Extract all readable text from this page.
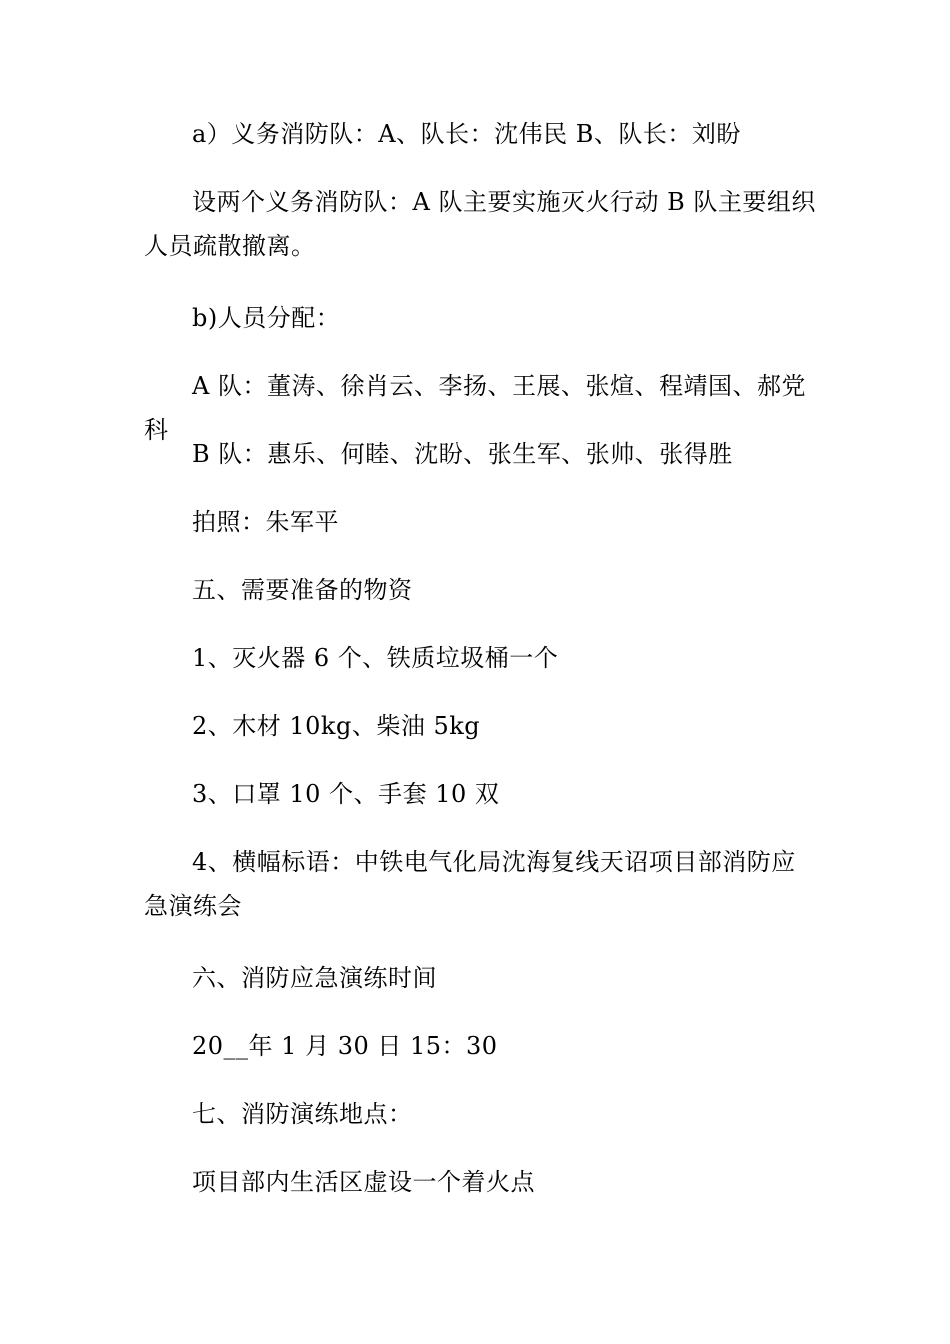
a）义务消防队：A、队长：沈伟民 B、队长：刘盼

设两个义务消防队：A 队主要实施灭火行动 B 队主要组织人员疏散撤离。

b)人员分配：

A 队：董涛、徐肖云、李扬、王展、张煊、程靖国、郝党科

B 队：惠乐、何睦、沈盼、张生军、张帅、张得胜

拍照：朱军平

五、需要准备的物资

1、灭火器 6 个、铁质垃圾桶一个

2、木材 10kg、柴油 5kg

3、口罩 10 个、手套 10 双

4、横幅标语：中铁电气化局沈海复线天诏项目部消防应急演练会

六、消防应急演练时间

20__年 1 月 30 日 15：30

七、消防演练地点：

项目部内生活区虚设一个着火点
